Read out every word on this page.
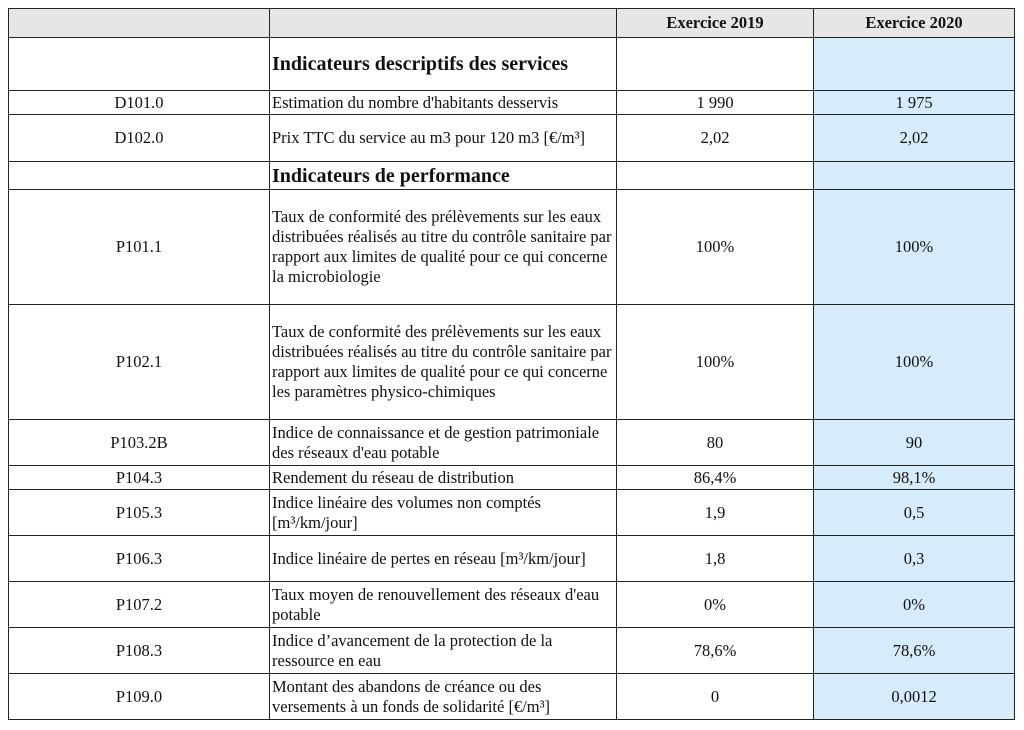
		Exercice 2019	Exercice 2020
	Indicateurs descriptifs des services		
D101.0	Estimation du nombre d'habitants desservis	1 990	1 975
D102.0	Prix TTC du service au m3 pour 120 m3 [€/m³]	2,02	2,02
	Indicateurs de performance		
P101.1	Taux de conformité des prélèvements sur les eaux distribuées réalisés au titre du contrôle sanitaire par rapport aux limites de qualité pour ce qui concerne la microbiologie	100%	100%
P102.1	Taux de conformité des prélèvements sur les eaux distribuées réalisés au titre du contrôle sanitaire par rapport aux limites de qualité pour ce qui concerne les paramètres physico-chimiques	100%	100%
P103.2B	Indice de connaissance et de gestion patrimoniale des réseaux d'eau potable	80	90
P104.3	Rendement du réseau de distribution	86,4%	98,1%
P105.3	Indice linéaire des volumes non comptés [m³/km/jour]	1,9	0,5
P106.3	Indice linéaire de pertes en réseau [m³/km/jour]	1,8	0,3
P107.2	Taux moyen de renouvellement des réseaux d'eau potable	0%	0%
P108.3	Indice d’avancement de la protection de la ressource en eau	78,6%	78,6%
P109.0	Montant des abandons de créance ou des versements à un fonds de solidarité [€/m³]	0	0,0012
